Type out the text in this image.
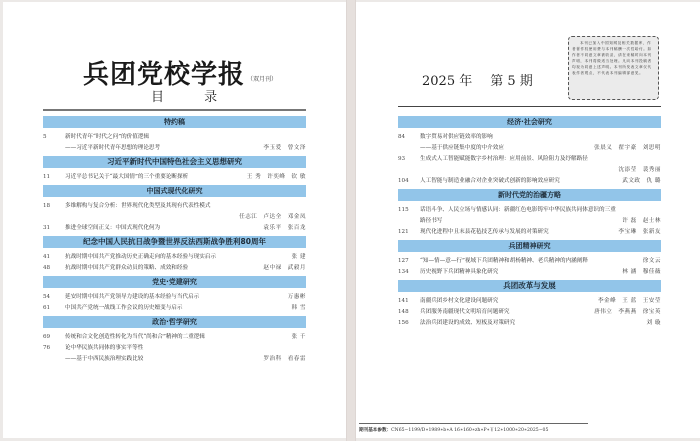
兵团党校学报 （双月刊）
目 录
特约稿
5	新时代青年“时代之问”的价值逻辑
——习近平新时代青年思想的理论思考	李玉爱 曾文泽
习近平新时代中国特色社会主义思想研究
11	习近平总书记关于“最大国情”的三个重要论断探析	王 秀 许奕峰 钦 敏
中国式现代化研究
18	多维解构与复合分析：世界现代化类型及其现有代表性模式
任志江 卢达全 邓金凤
31	推进全球空间正义：中国式现代化何为	袁乐平 张百龙
纪念中国人民抗日战争暨世界反法西斯战争胜利80周年
41	抗战时期中国共产党推动历史正确走向的基本经验与现实启示	张 建
48	抗战时期中国共产党群众动员的策略、成效和经验	赵中禄 武毅月
党史·党建研究
54	延安时期中国共产党领导力建设的基本经验与当代启示	万惠彬
61	中国共产党统一战线工作会议的历史嬗变与启示	韩 雪
政治·哲学研究
69	传统和合文化创造性转化为当代“尚和合”精神的二重逻辑	张 千
76	论中华民族共同体的事实平等性
——基于中西民族治理实践比较	罗治科 看春雷
2025 年 第 5 期
本刊已加入中国知网及相关数据库，作者著作权使用费与本刊稿酬一次性给付。如作者不同意文章被收录，请在来稿时向本刊声明，本刊将做适当处理。凡向本刊投稿者均视为同意上述声明。本刊所发表文章仅代表作者观点，不代表本刊编辑部意见。
经济·社会研究
84	数字贸易对供应链效率的影响
——基于供应链集中度的中介效应	张晨义 翟宇豪 刘思明
93	生成式人工智能赋能数字乡村治理：应用前景、风险阻力及纾解路径
沈添莹 裴秀丽
104	人工智能与制造业融合对企业突破式创新的影响效应研究	武文政 仇 璐
新时代党的治疆方略
115	话语斗争、人民立场与情感认同：新疆红色电影铸牢中华民族共同体意识的三重
路径书写	许 磊 赵士林
121	现代化进程中且末县花毡技艺传承与发展的对策研究	李宝琳 张新友
兵团精神研究
127	“知—情—意—行”视域下兵团精神和胡杨精神、老兵精神的内涵阐释	徐文云
134	历史视野下兵团精神具象化研究	林 涵 穆佳薇
兵团改革与发展
141	南疆兵团乡村文化建设问题研究	李金峰 王 蓝 王安莹
148	兵团服务南疆现代文明培育问题研究	唐伟立 李燕燕 徐宝英
156	法治兵团建设的成效、短板及对策研究	刘 璇
期刊基本参数：CN65−1199/D∗1989∗b∗A 16∗160∗zh∗P∗￥12∗1000∗20∗2025−05
